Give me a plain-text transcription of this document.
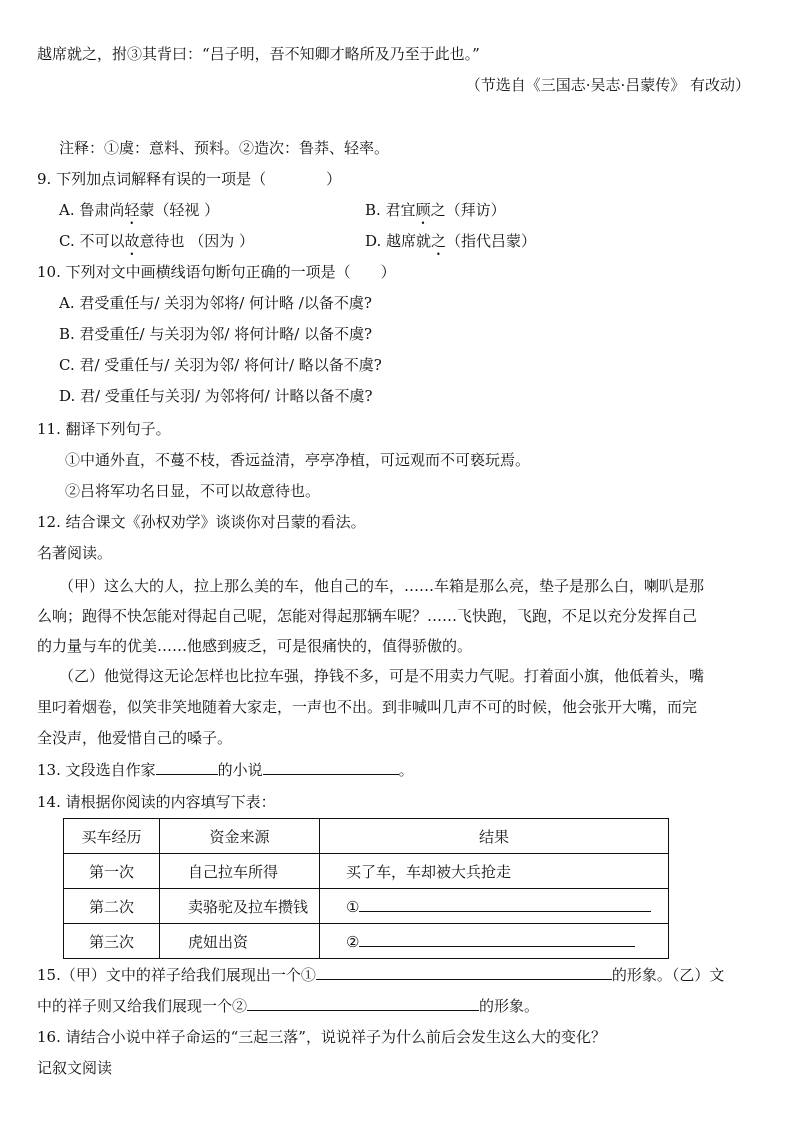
越席就之，拊③其背曰：“吕子明，吾不知卿才略所及乃至于此也。”
（节选自《三国志·吴志·吕蒙传》 有改动）
注释：①虞：意料、预料。②造次：鲁莽、轻率。
9. 下列加点词解释有误的一项是（　　　　）
A. 鲁肃尚轻蒙（轻视 ）	B. 君宜顾之（拜访）
C. 不可以故意待也 （因为 ）	D. 越席就之（指代吕蒙）
10. 下列对文中画横线语句断句正确的一项是（　　）
A. 君受重任与/ 关羽为邻将/ 何计略 /以备不虞?
B. 君受重任/ 与关羽为邻/ 将何计略/ 以备不虞?
C. 君/ 受重任与/ 关羽为邻/ 将何计/ 略以备不虞?
D. 君/ 受重任与关羽/ 为邻将何/ 计略以备不虞?
11. 翻译下列句子。
①中通外直，不蔓不枝，香远益清，亭亭净植，可远观而不可亵玩焉。
②吕将军功名日显，不可以故意待也。
12. 结合课文《孙权劝学》谈谈你对吕蒙的看法。
名著阅读。
（甲）这么大的人，拉上那么美的车，他自己的车，……车箱是那么亮，垫子是那么白，喇叭是那
么响；跑得不快怎能对得起自己呢，怎能对得起那辆车呢？……飞快跑，飞跑，不足以充分发挥自己
的力量与车的优美……他感到疲乏，可是很痛快的，值得骄傲的。
（乙）他觉得这无论怎样也比拉车强，挣钱不多，可是不用卖力气呢。打着面小旗，他低着头，嘴
里叼着烟卷，似笑非笑地随着大家走，一声也不出。到非喊叫几声不可的时候，他会张开大嘴，而完
全没声，他爱惜自己的嗓子。
13. 文段选自作家	的小说	。
14. 请根据你阅读的内容填写下表：
买车经历	资金来源	结果
第一次	自己拉车所得	买了车，车却被大兵抢走
第二次	卖骆驼及拉车攒钱	①
第三次	虎妞出资	②
15.（甲）文中的祥子给我们展现出一个①	的形象。（乙）文
中的祥子则又给我们展现一个②	的形象。
16. 请结合小说中祥子命运的“三起三落”，说说祥子为什么前后会发生这么大的变化？
记叙文阅读
